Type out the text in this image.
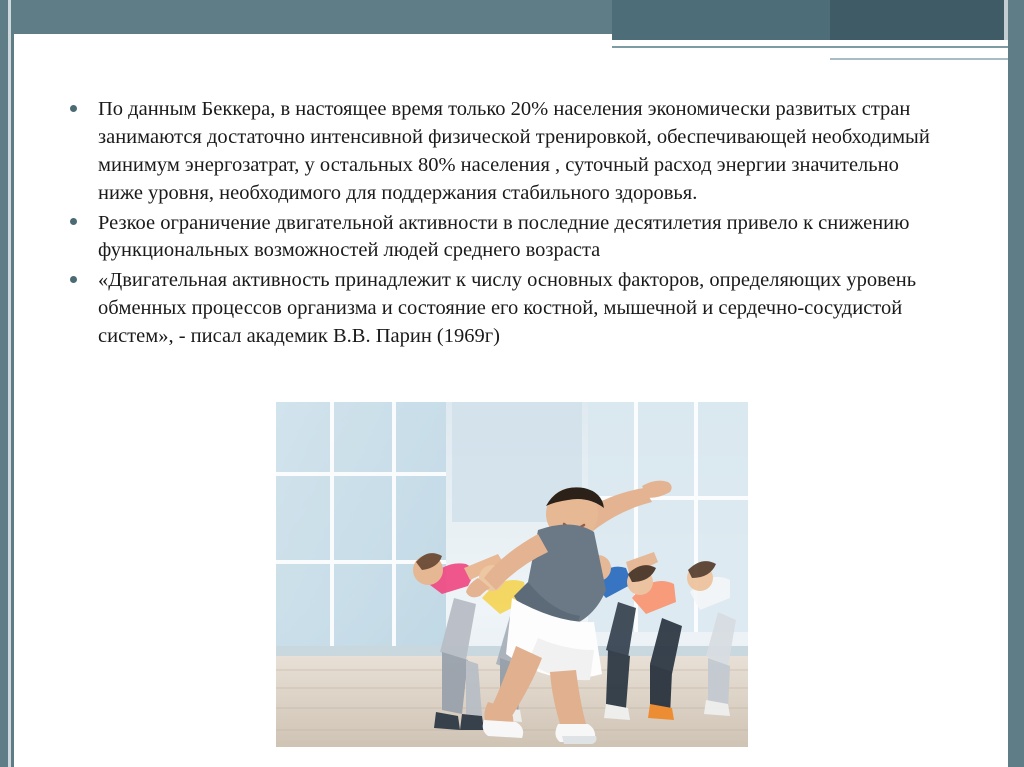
По данным Беккера, в настоящее время только 20% населения экономически развитых стран занимаются достаточно интенсивной физической тренировкой, обеспечивающей необходимый минимум энергозатрат, у остальных 80% населения , суточный расход энергии значительно ниже уровня, необходимого для поддержания стабильного здоровья.
Резкое ограничение двигательной активности в последние десятилетия привело к снижению функциональных возможностей людей среднего возраста
«Двигательная активность принадлежит к числу основных факторов, определяющих уровень обменных процессов организма и состояние его костной, мышечной и сердечно-сосудистой систем», - писал академик В.В. Парин (1969г)
